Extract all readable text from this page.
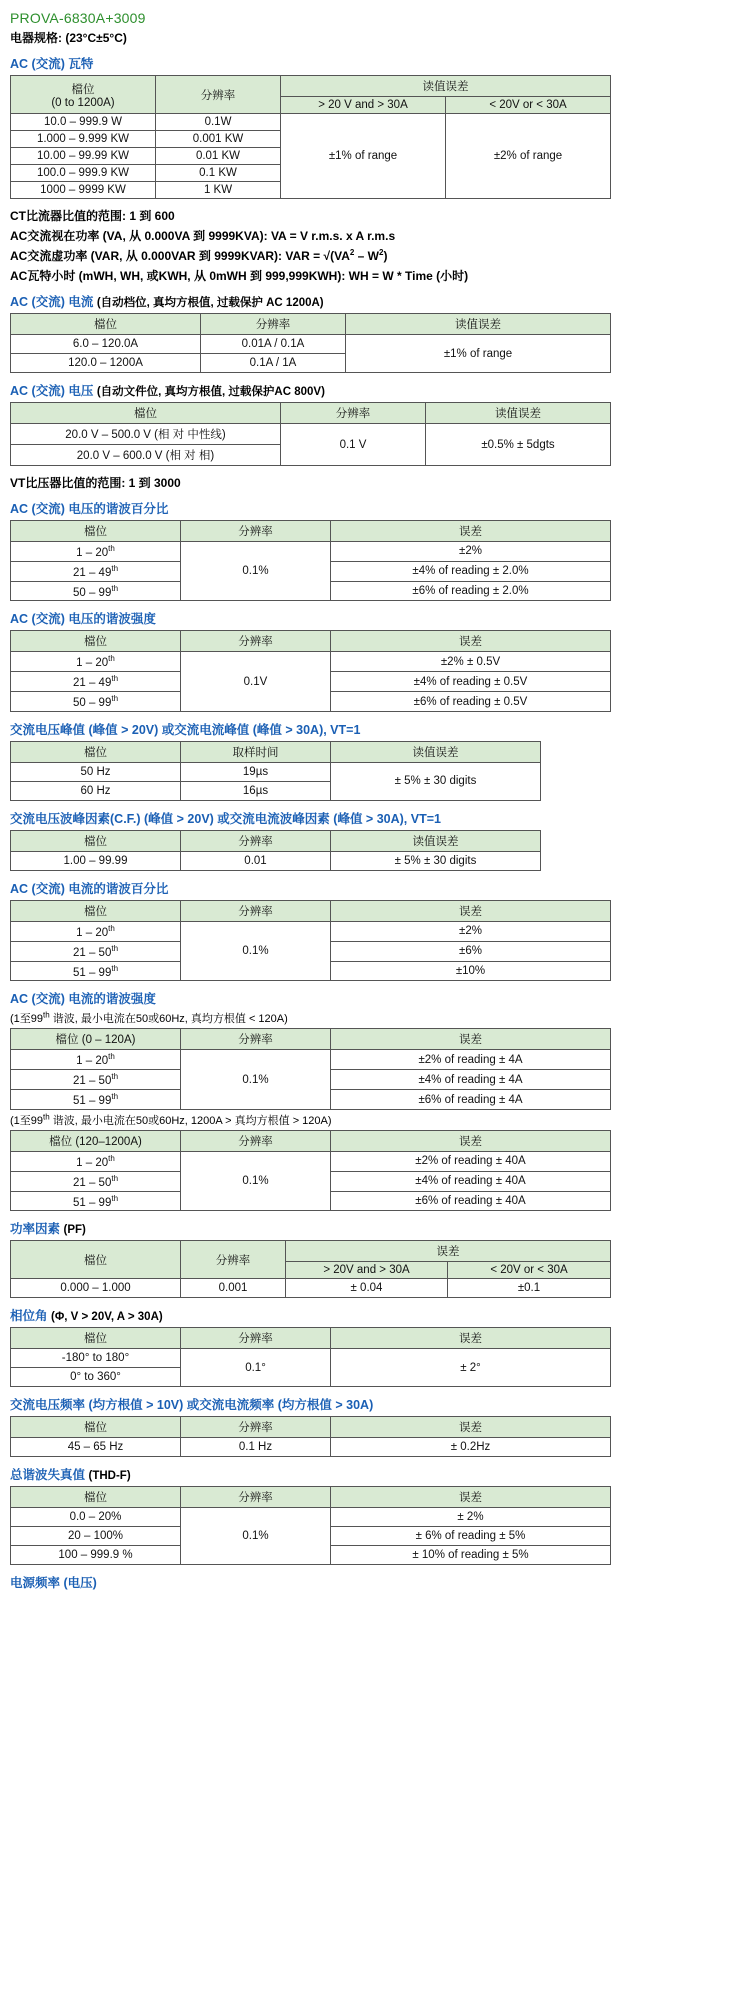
PROVA-6830A+3009
电器规格: (23°C±5°C)
AC (交流) 瓦特
檔位
(0 to 1200A)	分辨率	读值误差	
		> 20 V and > 30A	< 20V or < 30A
10.0 – 999.9 W	0.1W	±1% of range	±2% of range
1.000 – 9.999 KW	0.001 KW		
10.00 – 99.99 KW	0.01 KW		
100.0 – 999.9 KW	0.1 KW		
1000 – 9999 KW	1 KW		
CT比流器比值的范围: 1 到 600
AC交流视在功率 (VA, 从 0.000VA 到 9999KVA): VA = V r.m.s. x A r.m.s
AC交流虚功率 (VAR, 从 0.000VAR 到 9999KVAR): VAR = $√(VA^2 - W^2)$
AC瓦特小时 (mWH, WH, 或KWH, 从 0mWH 到 999,999KWH): WH = W * Time (小时)
AC (交流) 电流 (自动档位, 真均方根值, 过载保护 AC 1200A)
檔位	分辨率	读值误差
6.0 – 120.0A	0.01A / 0.1A	±1% of range
120.0 – 1200A	0.1A / 1A	
AC (交流) 电压 (自动文件位, 真均方根值, 过载保护AC 800V)
檔位	分辨率	读值误差
20.0 V – 500.0 V (相 对 中性线)	0.1 V	±0.5% ± 5dgts
20.0 V – 600.0 V (相 对 相)		
VT比压器比值的范围: 1 到 3000
AC (交流) 电压的谐波百分比
檔位	分辨率	误差
1 – 20th	0.1%	±2%
21 – 49th		±4% of reading ± 2.0%
50 – 99th		±6% of reading ± 2.0%
AC (交流) 电压的谐波强度
檔位	分辨率	误差
1 – 20th	0.1V	±2% ± 0.5V
21 – 49th		±4% of reading ± 0.5V
50 – 99th		±6% of reading ± 0.5V
交流电压峰值 (峰值 > 20V) 或交流电流峰值 (峰值 > 30A), VT=1
檔位	取样时间	读值误差
50 Hz	19µs	± 5% ± 30 digits
60 Hz	16µs	
交流电压波峰因素(C.F.) (峰值 > 20V) 或交流电流波峰因素 (峰值 > 30A), VT=1
檔位	分辨率	读值误差
1.00 – 99.99	0.01	± 5% ± 30 digits
AC (交流) 电流的谐波百分比
檔位	分辨率	误差
1 – 20th	0.1%	±2%
21 – 50th		±6%
51 – 99th		±10%
AC (交流) 电流的谐波强度
(1至99th 谐波, 最小电流在50或60Hz, 真均方根值 < 120A)
檔位 (0 – 120A)	分辨率	误差
1 – 20th	0.1%	±2% of reading ± 4A
21 – 50th		±4% of reading ± 4A
51 – 99th		±6% of reading ± 4A
(1至99th 谐波, 最小电流在50或60Hz, 1200A > 真均方根值 > 120A)
檔位 (120–1200A)	分辨率	误差
1 – 20th	0.1%	±2% of reading ± 40A
21 – 50th		±4% of reading ± 40A
51 – 99th		±6% of reading ± 40A
功率因素 (PF)
檔位	分辨率	误差	
		> 20V and > 30A	< 20V or < 30A
0.000 – 1.000	0.001	± 0.04	±0.1
相位角 (Φ, V > 20V, A > 30A)
檔位	分辨率	误差
-180° to 180°	0.1°	± 2°
0° to 360°		
交流电压频率 (均方根值 > 10V) 或交流电流频率 (均方根值 > 30A)
檔位	分辨率	误差
45 – 65 Hz	0.1 Hz	± 0.2Hz
总谐波失真值 (THD-F)
檔位	分辨率	误差
0.0 – 20%	0.1%	± 2%
20 – 100%		± 6% of reading ± 5%
100 – 999.9 %		± 10% of reading ± 5%
电源频率 (电压)
